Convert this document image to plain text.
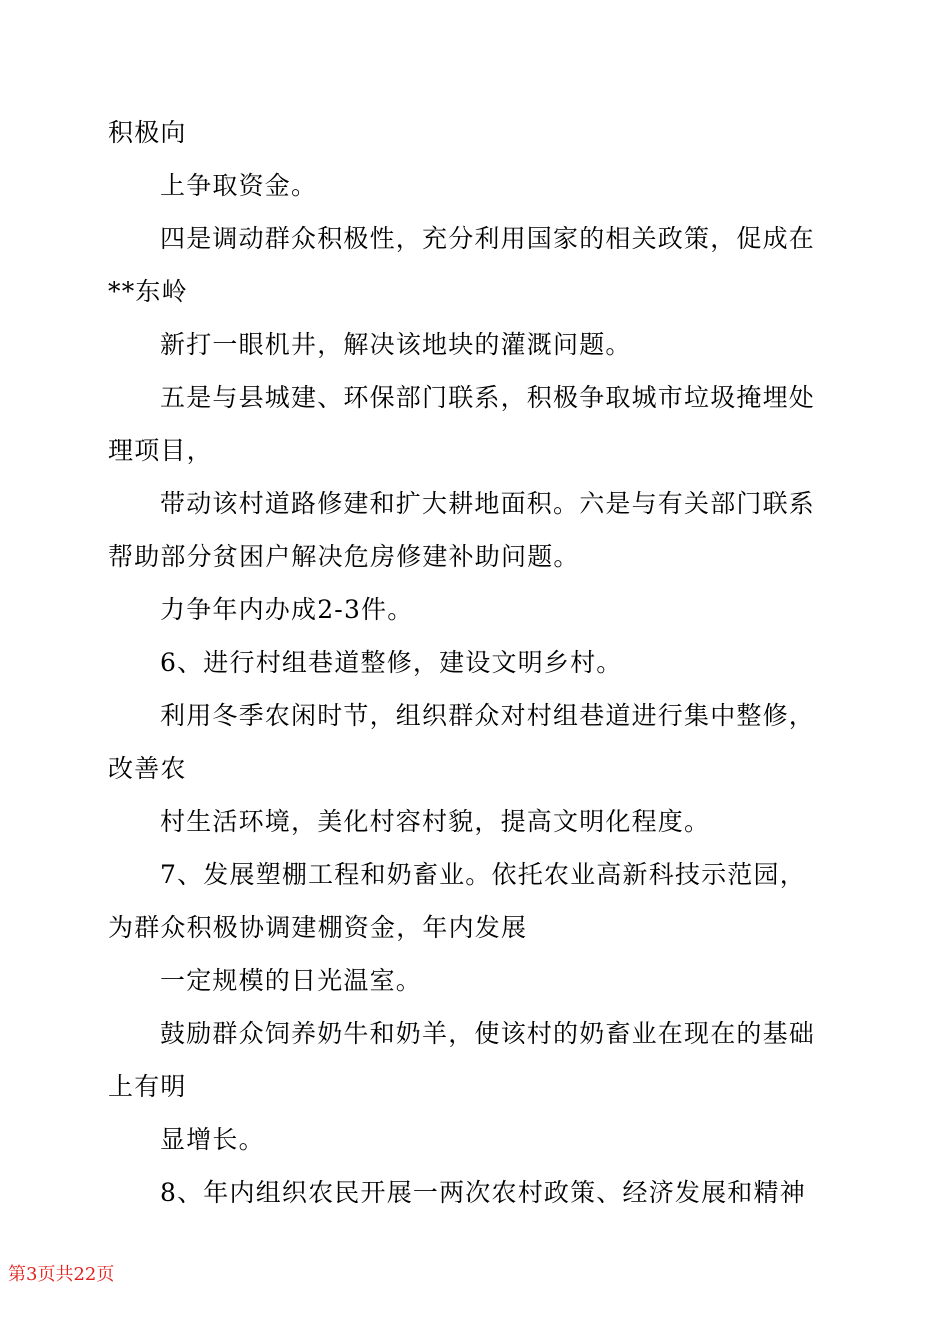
积极向
上争取资金。
四是调动群众积极性，充分利用国家的相关政策，促成在
**东岭
新打一眼机井，解决该地块的灌溉问题。
五是与县城建、环保部门联系，积极争取城市垃圾掩埋处
理项目，
带动该村道路修建和扩大耕地面积。六是与有关部门联系
帮助部分贫困户解决危房修建补助问题。
力争年内办成2-3件。
6、进行村组巷道整修，建设文明乡村。
利用冬季农闲时节，组织群众对村组巷道进行集中整修，
改善农
村生活环境，美化村容村貌，提高文明化程度。
7、发展塑棚工程和奶畜业。依托农业高新科技示范园，
为群众积极协调建棚资金，年内发展
一定规模的日光温室。
鼓励群众饲养奶牛和奶羊，使该村的奶畜业在现在的基础
上有明
显增长。
8、年内组织农民开展一两次农村政策、经济发展和精神
第3页共22页
